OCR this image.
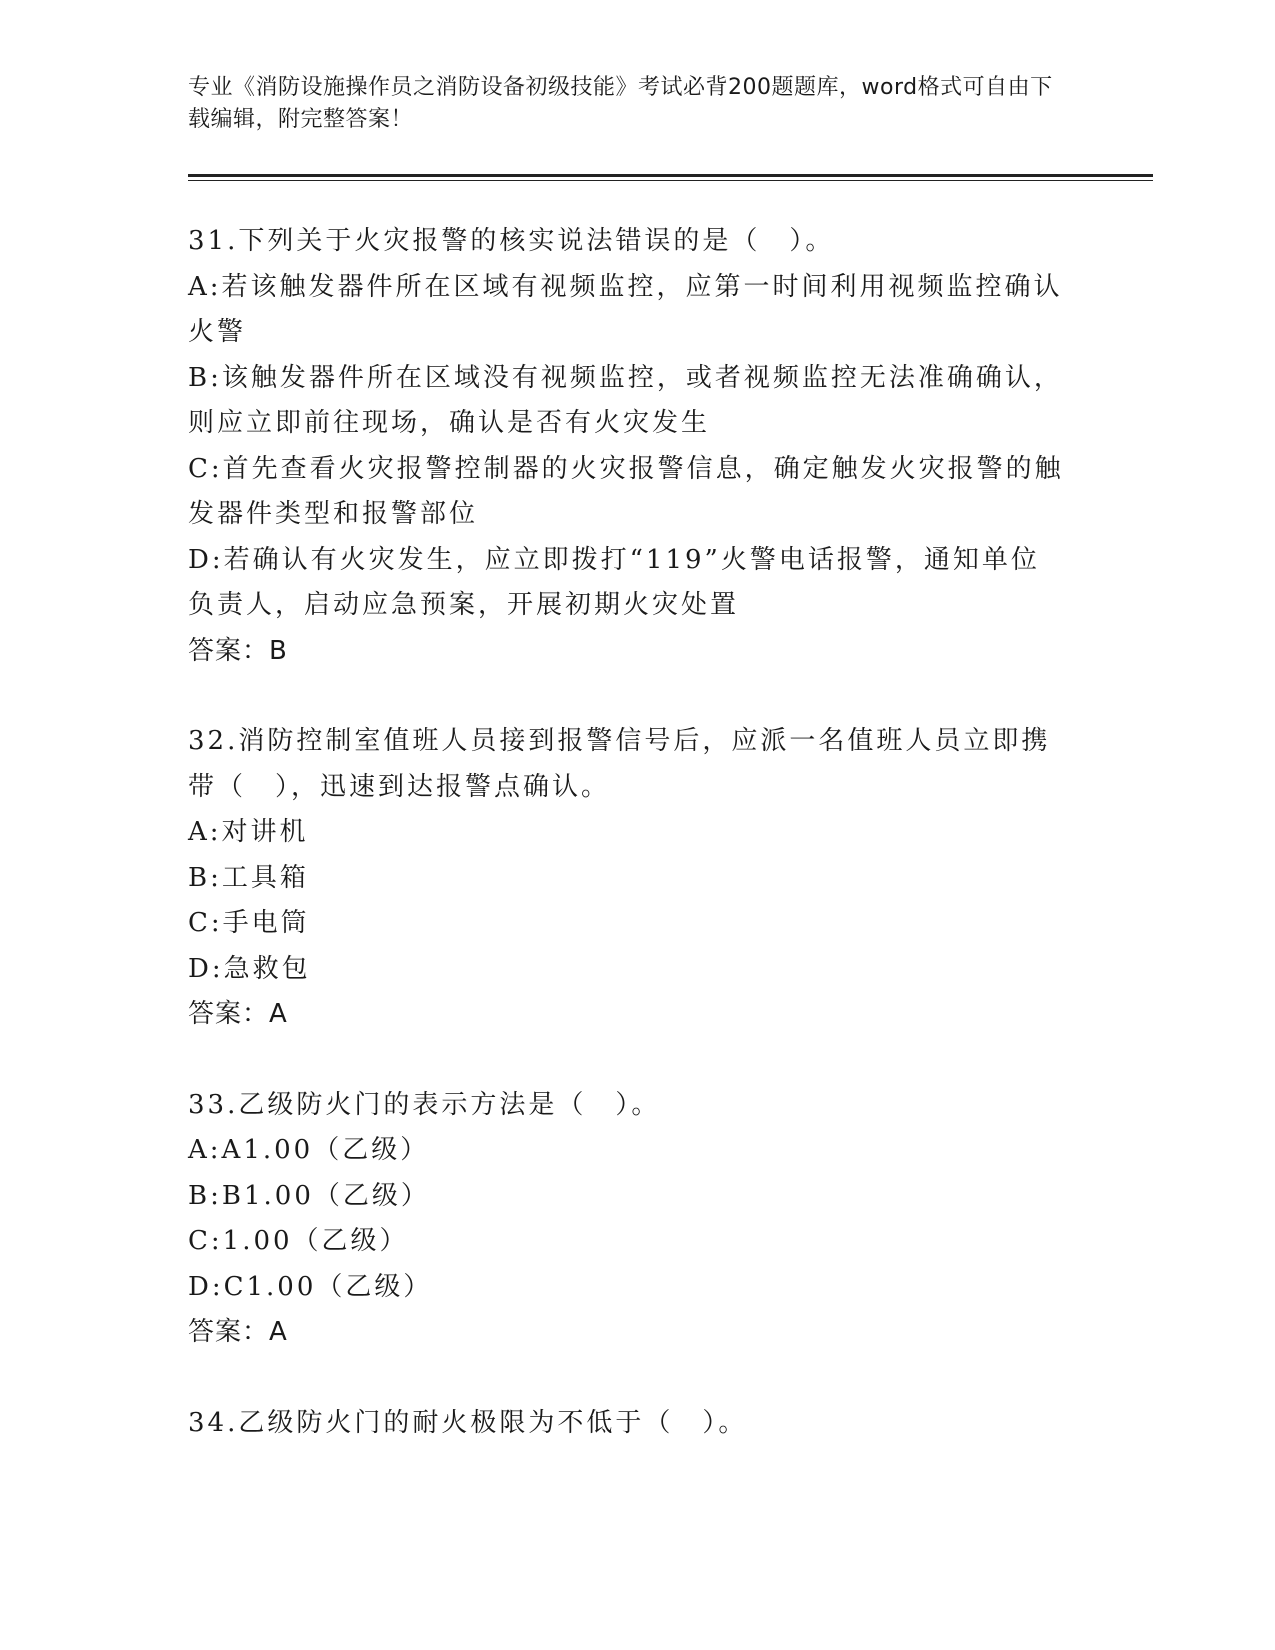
专业《消防设施操作员之消防设备初级技能》考试必背200题题库，word格式可自由下载编辑，附完整答案！

31.下列关于火灾报警的核实说法错误的是（　）。

A:若该触发器件所在区域有视频监控，应第一时间利用视频监控确认火警

B:该触发器件所在区域没有视频监控，或者视频监控无法准确确认，则应立即前往现场，确认是否有火灾发生

C:首先查看火灾报警控制器的火灾报警信息，确定触发火灾报警的触发器件类型和报警部位

D:若确认有火灾发生，应立即拨打“119”火警电话报警，通知单位负责人，启动应急预案，开展初期火灾处置

答案：B

32.消防控制室值班人员接到报警信号后，应派一名值班人员立即携带（　），迅速到达报警点确认。

A:对讲机

B:工具箱

C:手电筒

D:急救包

答案：A

33.乙级防火门的表示方法是（　）。

A:A1.00（乙级）

B:B1.00（乙级）

C:1.00（乙级）

D:C1.00（乙级）

答案：A

34.乙级防火门的耐火极限为不低于（　）。
